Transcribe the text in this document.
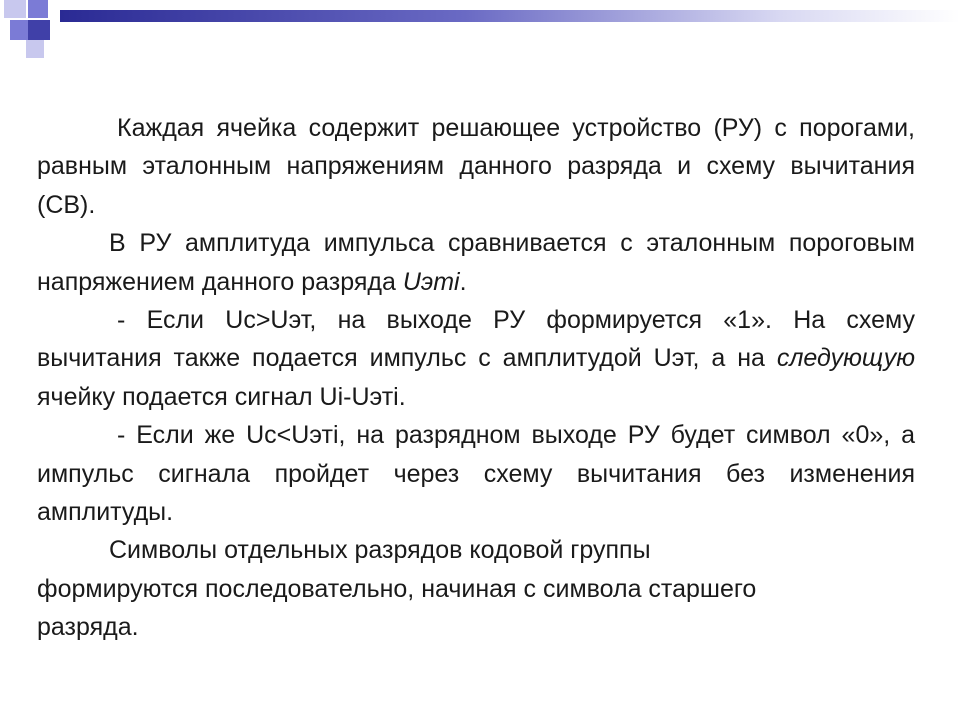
Каждая ячейка содержит решающее устройство (РУ) с порогами, равным эталонным напряжениям данного разряда и схему вычитания (СВ).

В РУ амплитуда импульса сравнивается с эталонным пороговым напряжением данного разряда Uэтi.

- Если Uc>Uэт, на выходе РУ формируется «1». На схему вычитания также подается импульс с амплитудой Uэт, а на следующую ячейку подается сигнал Ui-Uэтi.

- Если же Uc<Uэтi, на разрядном выходе РУ будет символ «0», а импульс сигнала пройдет через схему вычитания без изменения амплитуды.

Символы отдельных разрядов кодовой группы формируются последовательно, начиная с символа старшего разряда.
